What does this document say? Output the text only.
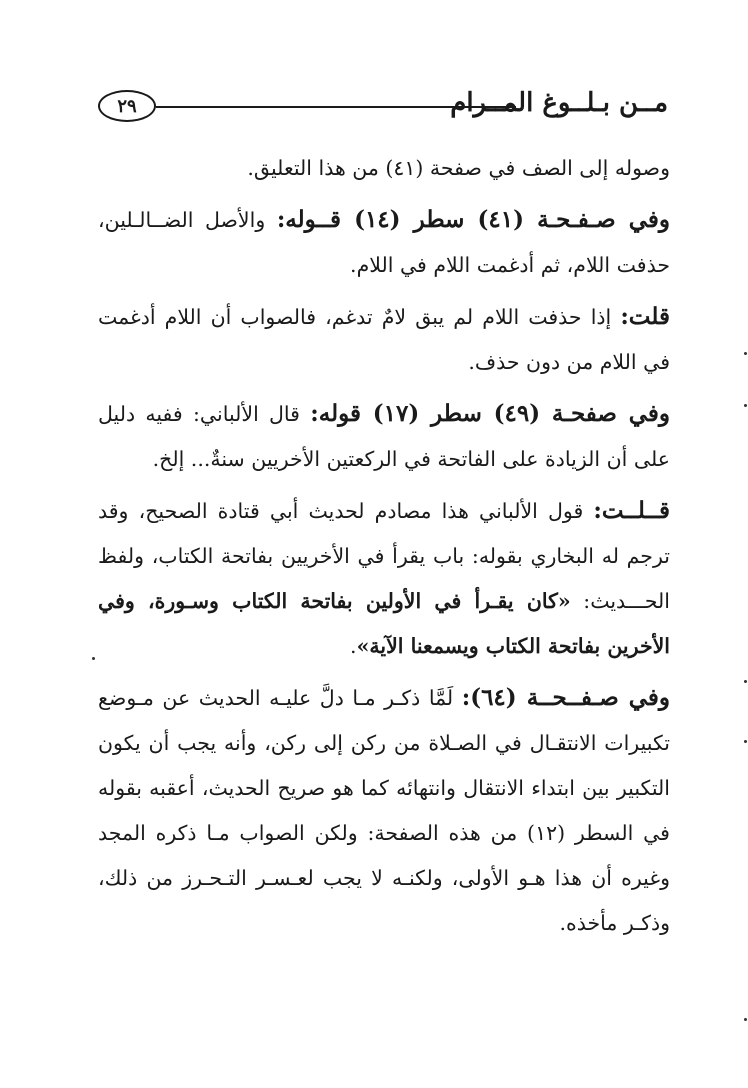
٢٩	مــن بـلــوغ المــرام

وصوله إلى الصف في صفحة (٤١) من هذا التعليق.

وفي صـفـحـة (٤١) سطر (١٤) قــوله: والأصل الضــالـلين، حذفت اللام، ثم أدغمت اللام في اللام.

قلت: إذا حذفت اللام لم يبق لامٌ تدغم، فالصواب أن اللام أدغمت في اللام من دون حذف.

وفي صفحـة (٤٩) سطر (١٧) قوله: قال الألباني: ففيه دليل على أن الزيادة على الفاتحة في الركعتين الأخريين سنةٌ... إلخ.

قــلــت: قول الألباني هذا مصادم لحديث أبي قتادة الصحيح، وقد ترجم له البخاري بقوله: باب يقرأ في الأخريين بفاتحة الكتاب، ولفظ الحـــديث: «كان يقـرأ في الأولين بفاتحة الكتاب وسـورة، وفي الأخرين بفاتحة الكتاب ويسمعنا الآية».

وفي صـفــحــة (٦٤): لَمَّا ذكـر مـا دلَّ عليـه الحديث عن مـوضع تكبيرات الانتقـال في الصـلاة من ركن إلى ركن، وأنه يجب أن يكون التكبير بين ابتداء الانتقال وانتهائه كما هو صريح الحديث، أعقبه بقوله في السطر (١٢) من هذه الصفحة: ولكن الصواب مـا ذكره المجد وغيره أن هذا هـو الأولى، ولكنـه لا يجب لعـسـر التـحـرز من ذلك، وذكـر مأخذه.
